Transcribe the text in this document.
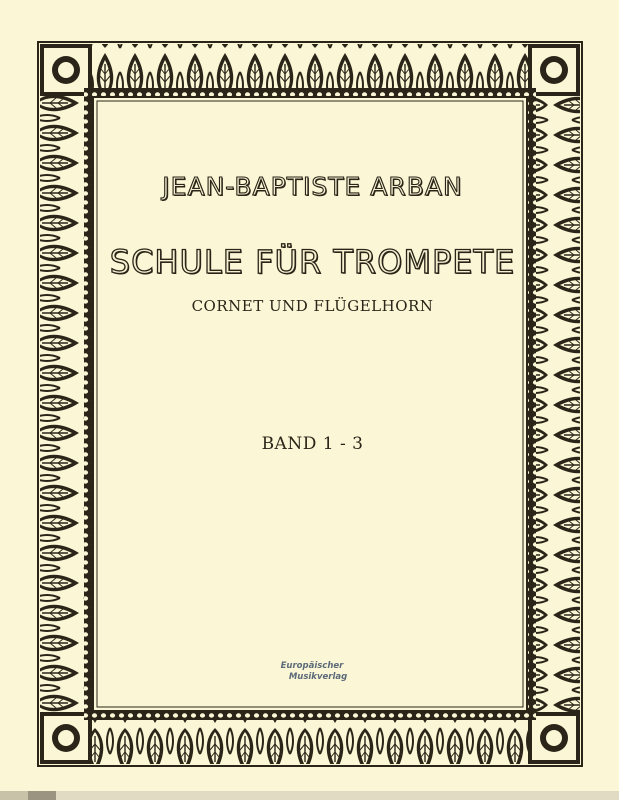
JEAN-BAPTISTE ARBAN
SCHULE FÜR TROMPETE
CORNET UND FLÜGELHORN
BAND 1 - 3
Europäischer
Musikverlag
